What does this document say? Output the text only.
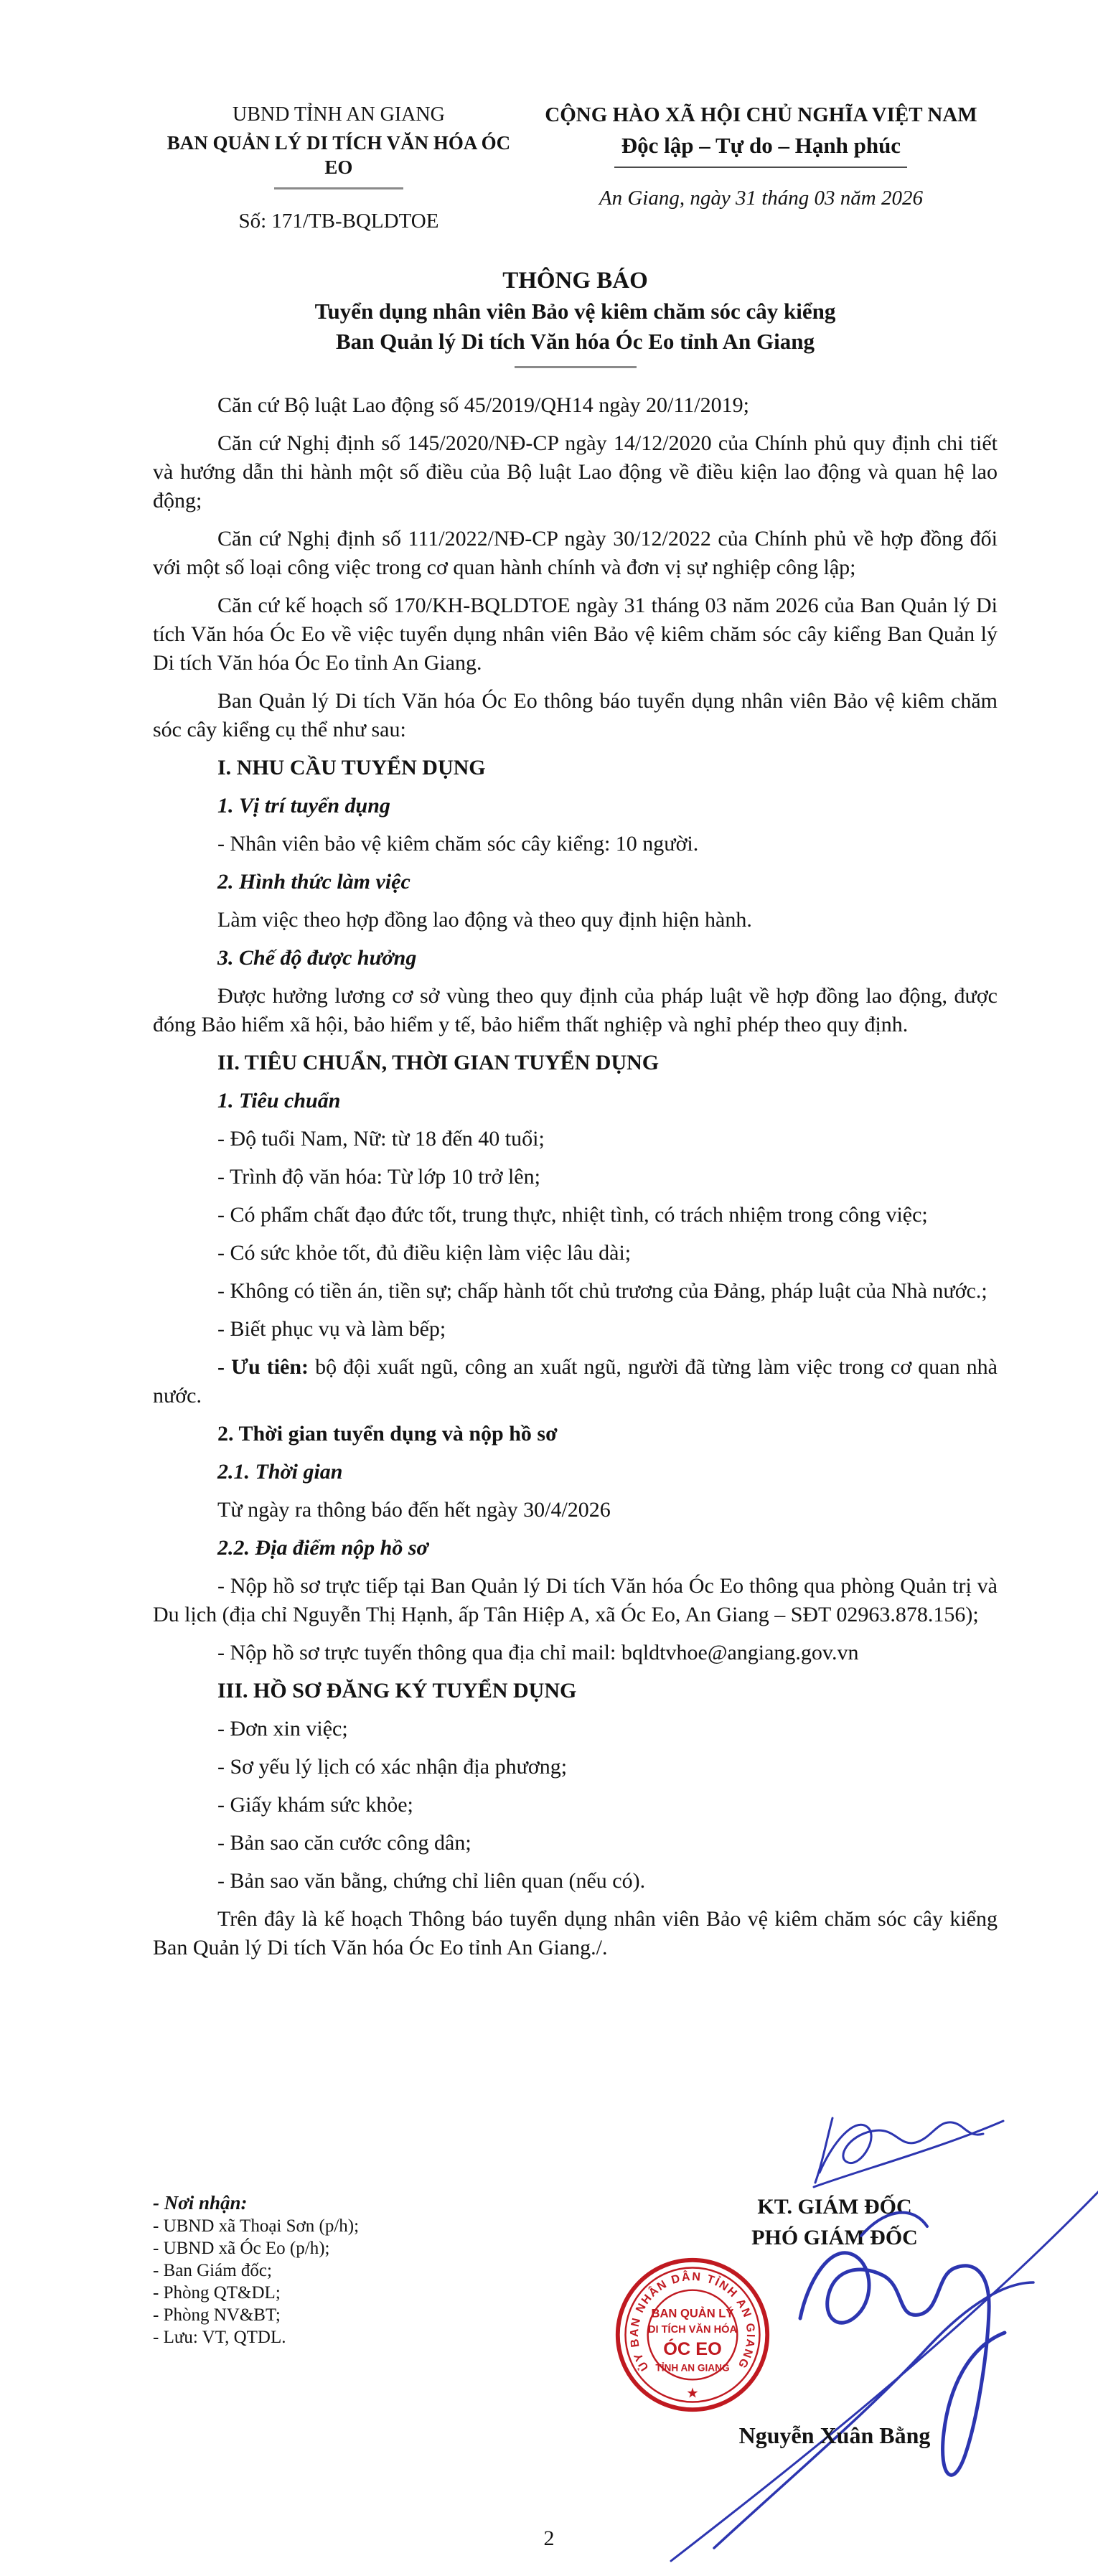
UBND TỈNH AN GIANG
BAN QUẢN LÝ DI TÍCH VĂN HÓA ÓC EO
Số: 171/TB-BQLDTOE
CỘNG HÀO XÃ HỘI CHỦ NGHĨA VIỆT NAM
Độc lập – Tự do – Hạnh phúc
An Giang, ngày 31 tháng 03 năm 2026
THÔNG BÁO
Tuyển dụng nhân viên Bảo vệ kiêm chăm sóc cây kiểng
Ban Quản lý Di tích Văn hóa Óc Eo tỉnh An Giang

Căn cứ Bộ luật Lao động số 45/2019/QH14 ngày 20/11/2019;

Căn cứ Nghị định số 145/2020/NĐ-CP ngày 14/12/2020 của Chính phủ quy định chi tiết và hướng dẫn thi hành một số điều của Bộ luật Lao động về điều kiện lao động và quan hệ lao động;

Căn cứ Nghị định số 111/2022/NĐ-CP ngày 30/12/2022 của Chính phủ về hợp đồng đối với một số loại công việc trong cơ quan hành chính và đơn vị sự nghiệp công lập;

Căn cứ kế hoạch số 170/KH-BQLDTOE ngày 31 tháng 03 năm 2026 của Ban Quản lý Di tích Văn hóa Óc Eo về việc tuyển dụng nhân viên Bảo vệ kiêm chăm sóc cây kiểng Ban Quản lý Di tích Văn hóa Óc Eo tỉnh An Giang.

Ban Quản lý Di tích Văn hóa Óc Eo thông báo tuyển dụng nhân viên Bảo vệ kiêm chăm sóc cây kiểng cụ thể như sau:

I. NHU CẦU TUYỂN DỤNG

1. Vị trí tuyển dụng

- Nhân viên bảo vệ kiêm chăm sóc cây kiểng: 10 người.

2. Hình thức làm việc

Làm việc theo hợp đồng lao động và theo quy định hiện hành.

3. Chế độ được hưởng

Được hưởng lương cơ sở vùng theo quy định của pháp luật về hợp đồng lao động, được đóng Bảo hiểm xã hội, bảo hiểm y tế, bảo hiểm thất nghiệp và nghỉ phép theo quy định.

II. TIÊU CHUẨN, THỜI GIAN TUYỂN DỤNG

1. Tiêu chuẩn

- Độ tuổi Nam, Nữ: từ 18 đến 40 tuổi;

- Trình độ văn hóa: Từ lớp 10 trở lên;

- Có phẩm chất đạo đức tốt, trung thực, nhiệt tình, có trách nhiệm trong công việc;

- Có sức khỏe tốt, đủ điều kiện làm việc lâu dài;

- Không có tiền án, tiền sự; chấp hành tốt chủ trương của Đảng, pháp luật của Nhà nước.;

- Biết phục vụ và làm bếp;

- Ưu tiên: bộ đội xuất ngũ, công an xuất ngũ, người đã từng làm việc trong cơ quan nhà nước.

2. Thời gian tuyển dụng và nộp hồ sơ

2.1. Thời gian

Từ ngày ra thông báo đến hết ngày 30/4/2026

2.2. Địa điểm nộp hồ sơ

- Nộp hồ sơ trực tiếp tại Ban Quản lý Di tích Văn hóa Óc Eo thông qua phòng Quản trị và Du lịch (địa chỉ Nguyễn Thị Hạnh, ấp Tân Hiệp A, xã Óc Eo, An Giang – SĐT 02963.878.156);

- Nộp hồ sơ trực tuyến thông qua địa chỉ mail: bqldtvhoe@angiang.gov.vn

III. HỒ SƠ ĐĂNG KÝ TUYỂN DỤNG

- Đơn xin việc;

- Sơ yếu lý lịch có xác nhận địa phương;

- Giấy khám sức khỏe;

- Bản sao căn cước công dân;

- Bản sao văn bằng, chứng chỉ liên quan (nếu có).

Trên đây là kế hoạch Thông báo tuyển dụng nhân viên Bảo vệ kiêm chăm sóc cây kiểng Ban Quản lý Di tích Văn hóa Óc Eo tỉnh An Giang./.

- Nơi nhận:
- UBND xã Thoại Sơn (p/h);
- UBND xã Óc Eo (p/h);
- Ban Giám đốc;
- Phòng QT&DL;
- Phòng NV&BT;
- Lưu: VT, QTDL.
KT. GIÁM ĐỐC
PHÓ GIÁM ĐỐC
ỦY BAN NHÂN DÂN TỈNH AN GIANG
BAN QUẢN LÝ
DI TÍCH VĂN HÓA
ÓC EO
TỈNH AN GIANG
★
Nguyễn Xuân Bằng
2
